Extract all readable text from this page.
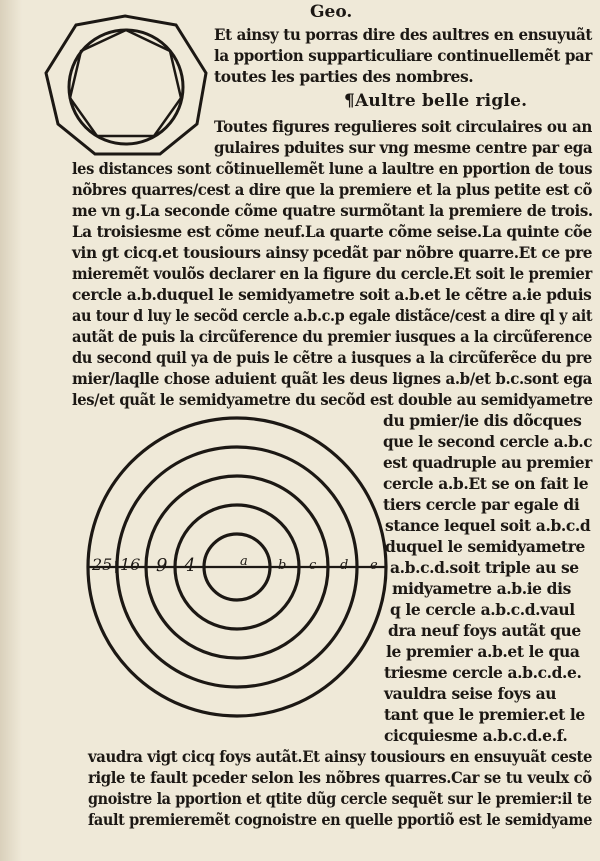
Geo.
a b c d e
25 16 9 4
Et ainsy tu porras dire des aultres en ensuyuãt
la pportion supparticuliare continuellemẽt par
toutes les parties des nombres.
¶Aultre belle rigle.
Toutes figures regulieres soit circulaires ou an
gulaires pduites sur vng mesme centre par ega
les distances sont cõtinuellemẽt lune a laultre en pportion de tous
nõbres quarres/cest a dire que la premiere et la plus petite est cõ
me vn g.La seconde cõme quatre surmõtant la premiere de trois.
La troisiesme est cõme neuf.La quarte cõme seise.La quinte cõe
vin gt cicq.et tousiours ainsy pcedãt par nõbre quarre.Et ce pre
mieremẽt voulõs declarer en la figure du cercle.Et soit le premier
cercle a.b.duquel le semidyametre soit a.b.et le cẽtre a.ie pduis
au tour d luy le secõd cercle a.b.c.p egale distãce/cest a dire ql y ait
autãt de puis la circũference du premier iusques a la circũference
du second quil ya de puis le cẽtre a iusques a la circũferẽce du pre
mier/laqlle chose aduient quãt les deus lignes a.b/et b.c.sont ega
les/et quãt le semidyametre du secõd est double au semidyametre
du pmier/ie dis dõcques
que le second cercle a.b.c
est quadruple au premier
cercle a.b.Et se on fait le
tiers cercle par egale di
stance lequel soit a.b.c.d
duquel le semidyametre
a.b.c.d.soit triple au se
midyametre a.b.ie dis
q le cercle a.b.c.d.vaul
dra neuf foys autãt que
le premier a.b.et le qua
triesme cercle a.b.c.d.e.
vauldra seise foys au
tant que le premier.et le
cicquiesme a.b.c.d.e.f.
vaudra vigt cicq foys autãt.Et ainsy tousiours en ensuyuãt ceste
rigle te fault pceder selon les nõbres quarres.Car se tu veulx cõ
gnoistre la pportion et qtite dũg cercle sequẽt sur le premier:il te
fault premieremẽt cognoistre en quelle pportiõ est le semidyame
